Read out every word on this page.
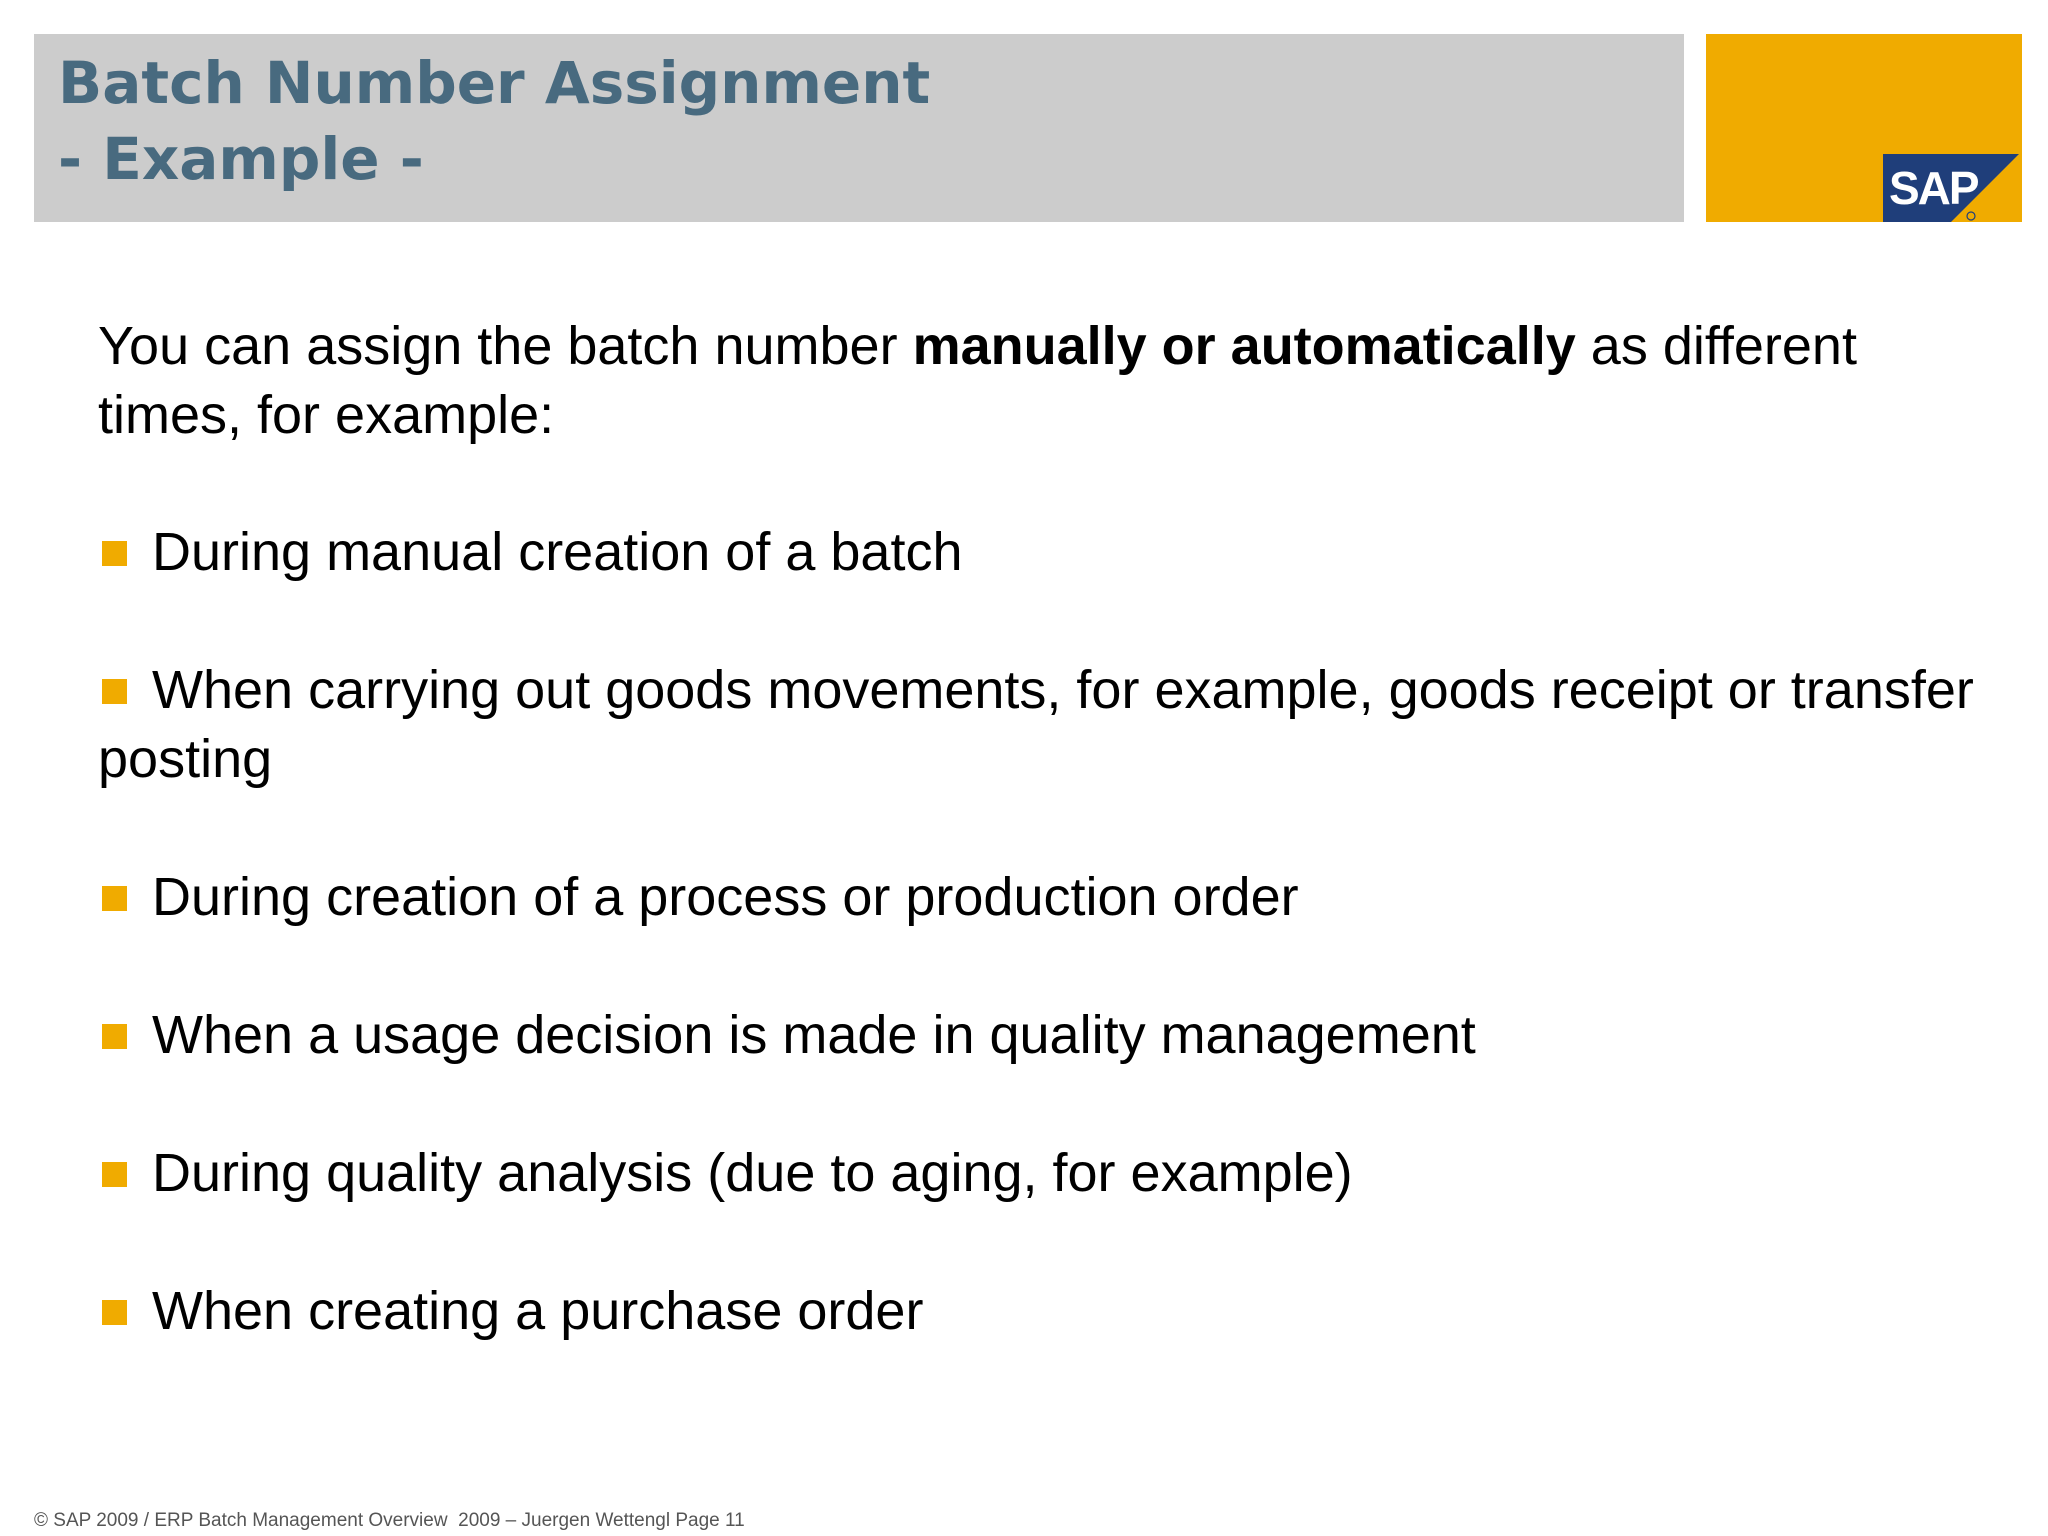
Batch Number Assignment
- Example -	SAP

You can assign the batch number manually or automatically as different times, for example:

During manual creation of a batch
When carrying out goods movements, for example, goods receipt or transfer posting
During creation of a process or production order
When a usage decision is made in quality management
During quality analysis (due to aging, for example)
When creating a purchase order
© SAP 2009 / ERP Batch Management Overview  2009 – Juergen Wettengl Page 11
